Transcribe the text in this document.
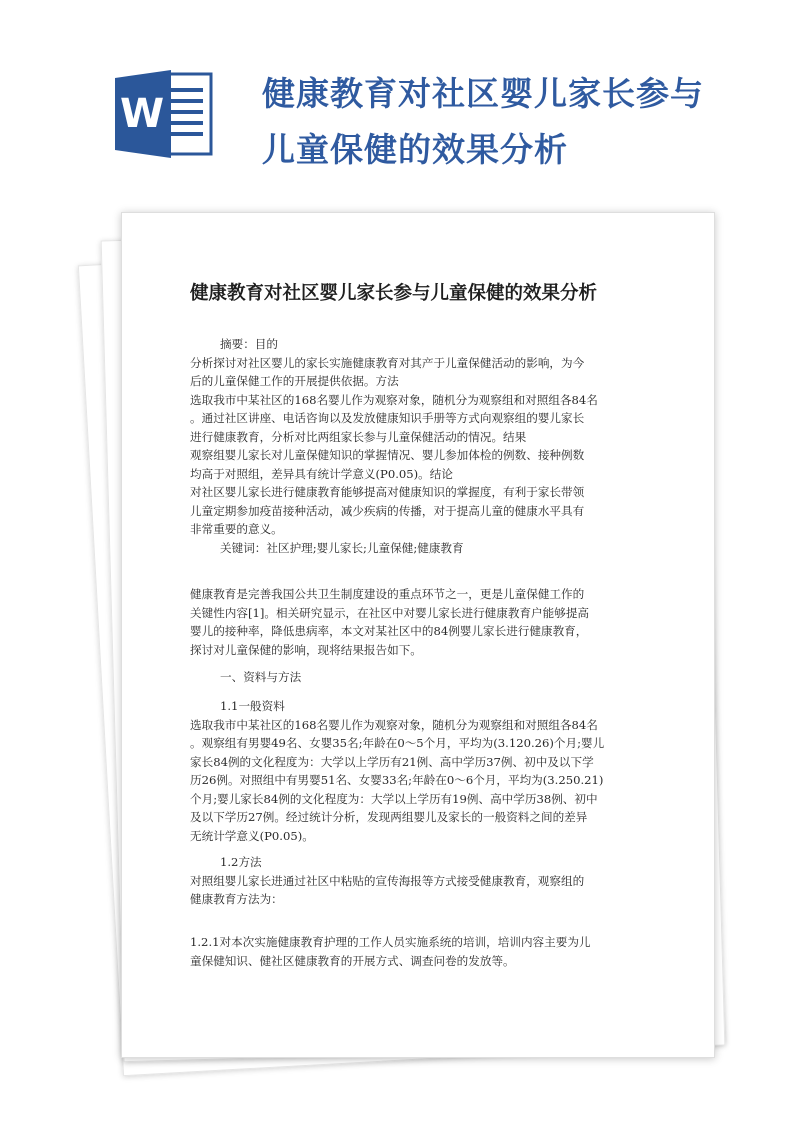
W	健康教育对社区婴儿家长参与
儿童保健的效果分析
健康教育对社区婴儿家长参与儿童保健的效果分析
摘要：目的
分析探讨对社区婴儿的家长实施健康教育对其产于儿童保健活动的影响，为今
后的儿童保健工作的开展提供依据。方法
选取我市中某社区的168名婴儿作为观察对象，随机分为观察组和对照组各84名
。通过社区讲座、电话咨询以及发放健康知识手册等方式向观察组的婴儿家长
进行健康教育，分析对比两组家长参与儿童保健活动的情况。结果
观察组婴儿家长对儿童保健知识的掌握情况、婴儿参加体检的例数、接种例数
均高于对照组，差异具有统计学意义(P0.05)。结论
对社区婴儿家长进行健康教育能够提高对健康知识的掌握度，有利于家长带领
儿童定期参加疫苗接种活动，减少疾病的传播，对于提高儿童的健康水平具有
非常重要的意义。
关键词：社区护理;婴儿家长;儿童保健;健康教育
健康教育是完善我国公共卫生制度建设的重点环节之一，更是儿童保健工作的
关键性内容[1]。相关研究显示，在社区中对婴儿家长进行健康教育户能够提高
婴儿的接种率，降低患病率，本文对某社区中的84例婴儿家长进行健康教育，
探讨对儿童保健的影响，现将结果报告如下。
一、资料与方法
1.1一般资料
选取我市中某社区的168名婴儿作为观察对象，随机分为观察组和对照组各84名
。观察组有男婴49名、女婴35名;年龄在0～5个月，平均为(3.120.26)个月;婴儿
家长84例的文化程度为：大学以上学历有21例、高中学历37例、初中及以下学
历26例。对照组中有男婴51名、女婴33名;年龄在0～6个月，平均为(3.250.21)
个月;婴儿家长84例的文化程度为：大学以上学历有19例、高中学历38例、初中
及以下学历27例。经过统计分析，发现两组婴儿及家长的一般资料之间的差异
无统计学意义(P0.05)。
1.2方法
对照组婴儿家长进通过社区中粘贴的宣传海报等方式接受健康教育，观察组的
健康教育方法为：
1.2.1对本次实施健康教育护理的工作人员实施系统的培训，培训内容主要为儿
童保健知识、健社区健康教育的开展方式、调查问卷的发放等。
